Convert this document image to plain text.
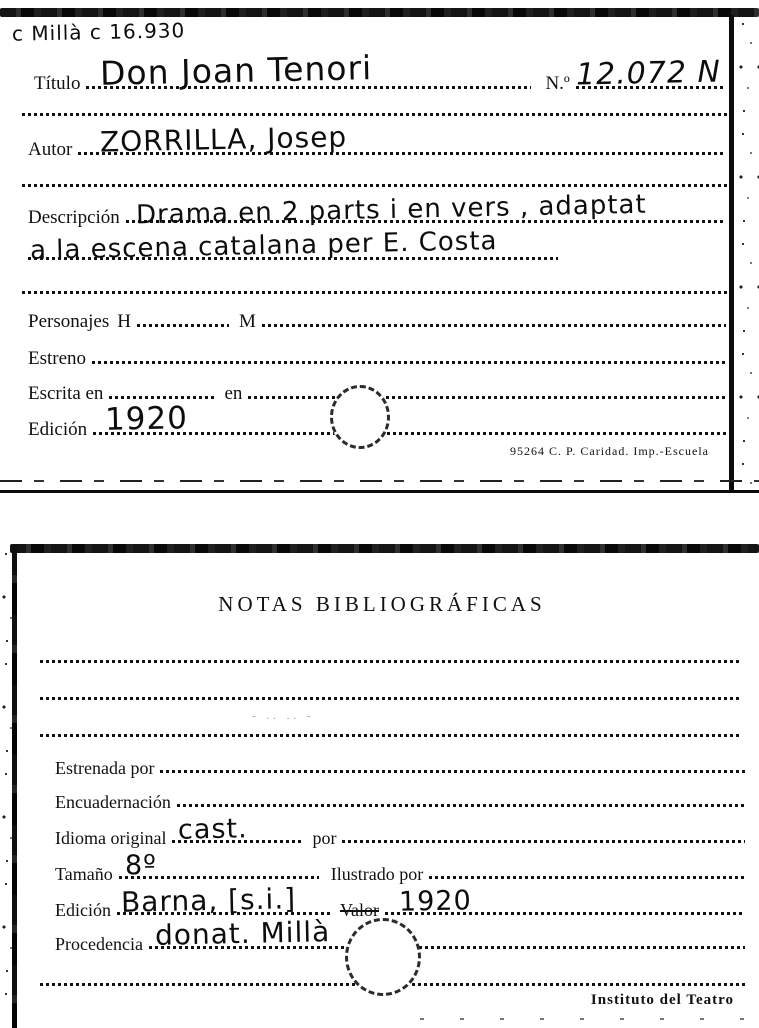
c Millà c 16.930
Título Don Joan Tenori	N.º 12.072 N
Autor ZORRILLA, Josep
Descripción Drama en 2 parts i en vers , adaptat
a la escena catalana per E. Costa
Personajes H	M
Estreno
Escrita en	en
Edición 1920
95264 C. P. Caridad. Imp.-Escuela
NOTAS BIBLIOGRÁFICAS
- .. .. -
Estrenada por
Encuadernación
Idioma original cast.	por
Tamaño 8º	Ilustrado por
Edición Barna, [s.i.] Valor 1920
Procedencia donat. Millà
Instituto del Teatro
